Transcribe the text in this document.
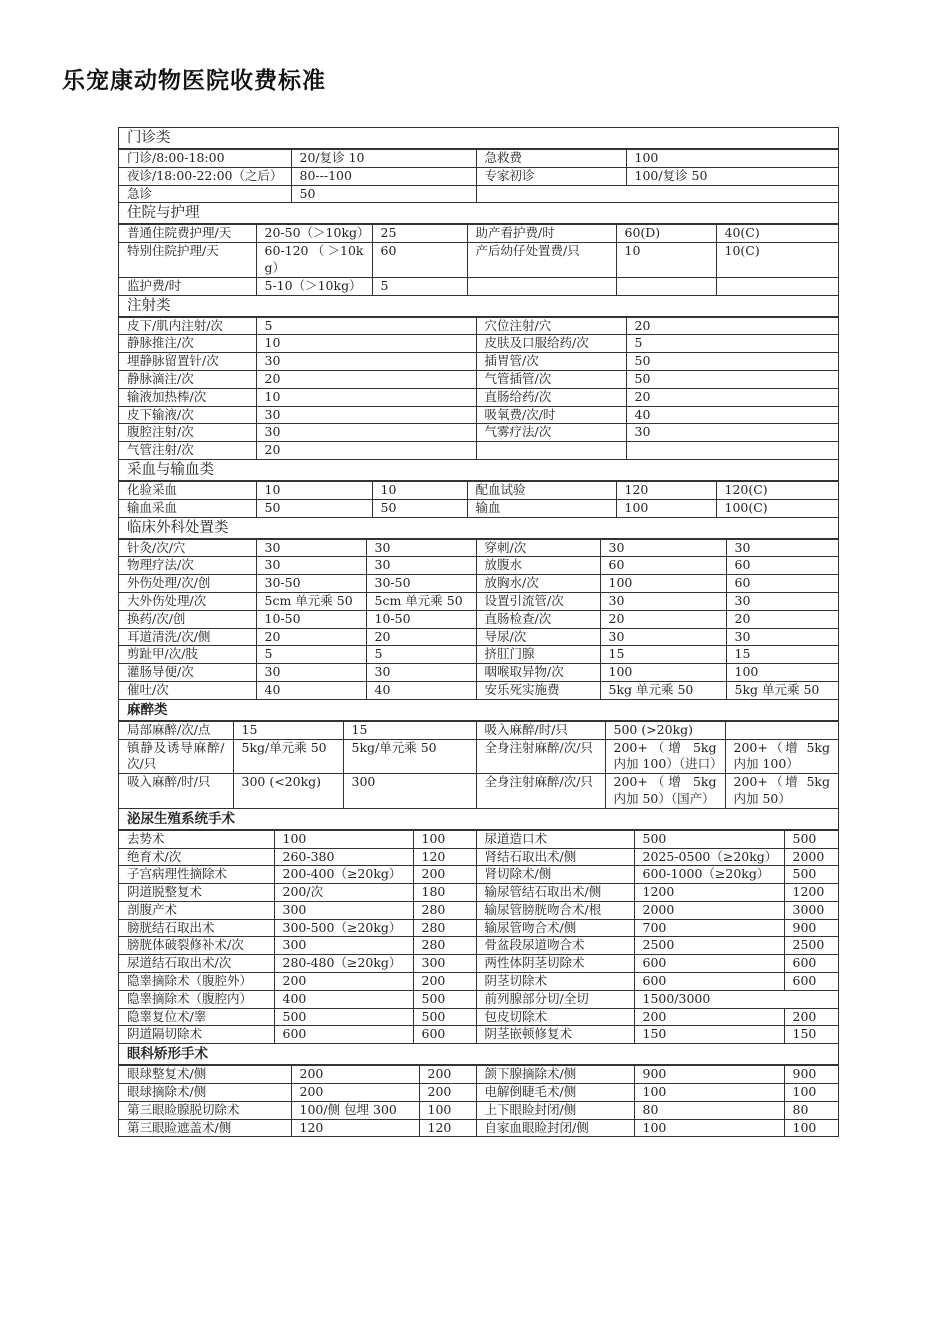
乐宠康动物医院收费标准
门诊类
门诊/8:00-18:00	20/复诊 10	急救费	100
夜诊/18:00-22:00（之后）	80---100	专家初诊	100/复诊 50
急诊	50		
住院与护理
普通住院费护理/天	20-50（＞10kg）	25	助产看护费/时	60(D)	40(C)
特别住院护理/天	60-120（＞10kg）	60	产后幼仔处置费/只	10	10(C)
监护费/时	5-10（＞10kg）	5			
注射类
皮下/肌内注射/次	5	穴位注射/穴	20
静脉推注/次	10	皮肤及口服给药/次	5
埋静脉留置针/次	30	插胃管/次	50
静脉滴注/次	20	气管插管/次	50
输液加热棒/次	10	直肠给药/次	20
皮下输液/次	30	吸氧费/次/时	40
腹腔注射/次	30	气雾疗法/次	30
气管注射/次	20		
采血与输血类
化验采血	10	10	配血试验	120	120(C)
输血采血	50	50	输血	100	100(C)
临床外科处置类
针灸/次/穴	30	30	穿刺/次	30	30
物理疗法/次	30	30	放腹水	60	60
外伤处理/次/创	30-50	30-50	放胸水/次	100	60
大外伤处理/次	5cm 单元乘 50	5cm 单元乘 50	设置引流管/次	30	30
换药/次/创	10-50	10-50	直肠检查/次	20	20
耳道清洗/次/侧	20	20	导尿/次	30	30
剪趾甲/次/肢	5	5	挤肛门腺	15	15
灌肠导便/次	30	30	咽喉取异物/次	100	100
催吐/次	40	40	安乐死实施费	5kg 单元乘 50	5kg 单元乘 50
麻醉类
局部麻醉/次/点	15	15	吸入麻醉/时/只	500 (>20kg)	
镇静及诱导麻醉/次/只	5kg/单元乘 50	5kg/单元乘 50	全身注射麻醉/次/只	200+（增 5kg 内加 100）（进口）	200+（增 5kg 内加 100）
吸入麻醉/时/只	300 (<20kg)	300	全身注射麻醉/次/只	200+（增 5kg 内加 50）（国产）	200+（增 5kg 内加 50）
泌尿生殖系统手术
去势术	100	100	尿道造口术	500	500
绝育术/次	260-380	120	肾结石取出术/侧	2025-0500（≥20kg）	2000
子宫病理性摘除术	200-400（≥20kg）	200	肾切除术/侧	600-1000（≥20kg）	500
阴道脱整复术	200/次	180	输尿管结石取出术/侧	1200	1200
剖腹产术	300	280	输尿管膀胱吻合术/根	2000	3000
膀胱结石取出术	300-500（≥20kg）	280	输尿管吻合术/侧	700	900
膀胱体破裂修补术/次	300	280	骨盆段尿道吻合术	2500	2500
尿道结石取出术/次	280-480（≥20kg）	300	两性体阴茎切除术	600	600
隐睾摘除术（腹腔外）	200	200	阴茎切除术	600	600
隐睾摘除术（腹腔内）	400	500	前列腺部分切/全切	1500/3000	
隐睾复位术/睾	500	500	包皮切除术	200	200
阴道隔切除术	600	600	阴茎嵌顿修复术	150	150
眼科矫形手术
眼球整复术/侧	200	200	颌下腺摘除术/侧	900	900
眼球摘除术/侧	200	200	电解倒睫毛术/侧	100	100
第三眼睑腺脱切除术	100/侧 包埋 300	100	上下眼睑封闭/侧	80	80
第三眼睑遮盖术/侧	120	120	自家血眼睑封闭/侧	100	100
